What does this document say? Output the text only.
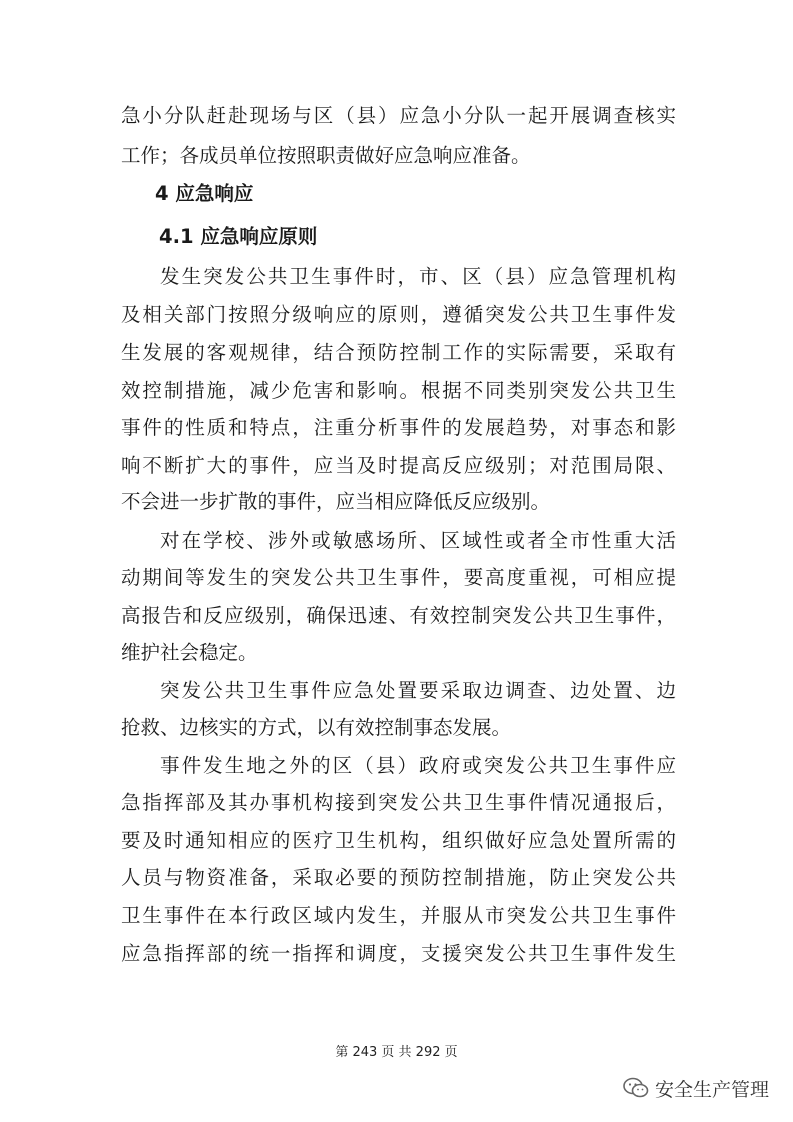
急小分队赶赴现场与区（县）应急小分队一起开展调查核实
工作；各成员单位按照职责做好应急响应准备。
4 应急响应
4.1 应急响应原则
发生突发公共卫生事件时，市、区（县）应急管理机构
及相关部门按照分级响应的原则，遵循突发公共卫生事件发
生发展的客观规律，结合预防控制工作的实际需要，采取有
效控制措施，减少危害和影响。根据不同类别突发公共卫生
事件的性质和特点，注重分析事件的发展趋势，对事态和影
响不断扩大的事件，应当及时提高反应级别；对范围局限、
不会进一步扩散的事件，应当相应降低反应级别。
对在学校、涉外或敏感场所、区域性或者全市性重大活
动期间等发生的突发公共卫生事件，要高度重视，可相应提
高报告和反应级别，确保迅速、有效控制突发公共卫生事件，
维护社会稳定。
突发公共卫生事件应急处置要采取边调查、边处置、边
抢救、边核实的方式，以有效控制事态发展。
事件发生地之外的区（县）政府或突发公共卫生事件应
急指挥部及其办事机构接到突发公共卫生事件情况通报后，
要及时通知相应的医疗卫生机构，组织做好应急处置所需的
人员与物资准备，采取必要的预防控制措施，防止突发公共
卫生事件在本行政区域内发生，并服从市突发公共卫生事件
应急指挥部的统一指挥和调度，支援突发公共卫生事件发生
第 243 页 共 292 页
安全生产管理
